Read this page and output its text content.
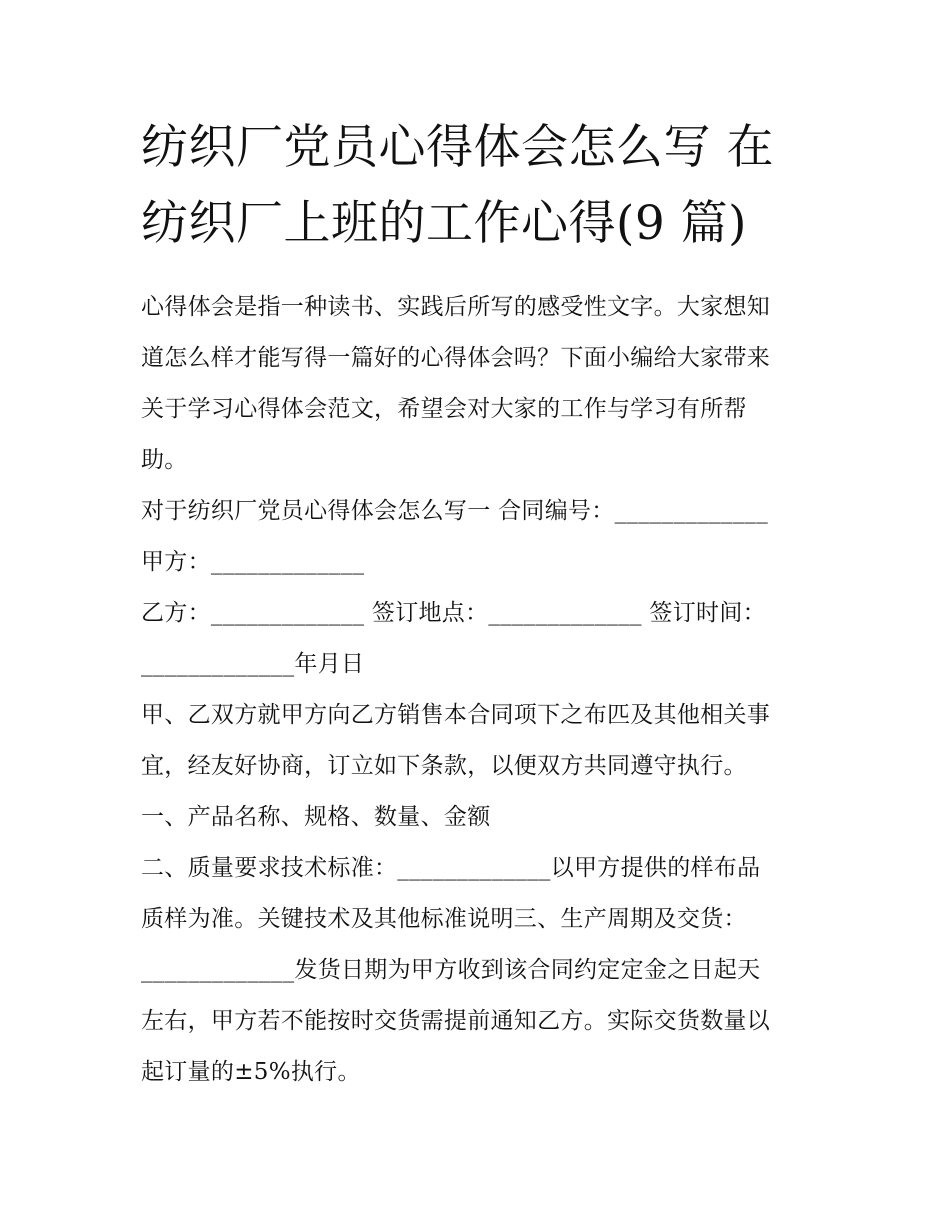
纺织厂党员心得体会怎么写 在
纺织厂上班的工作心得(9 篇)
心得体会是指一种读书、实践后所写的感受性文字。大家想知
道怎么样才能写得一篇好的心得体会吗？下面小编给大家带来
关于学习心得体会范文，希望会对大家的工作与学习有所帮
助。
对于纺织厂党员心得体会怎么写一 合同编号：_____________
甲方：_____________
乙方：_____________ 签订地点：_____________ 签订时间：
_____________年月日
甲、乙双方就甲方向乙方销售本合同项下之布匹及其他相关事
宜，经友好协商，订立如下条款，以便双方共同遵守执行。
一、产品名称、规格、数量、金额
二、质量要求技术标准：_____________以甲方提供的样布品
质样为准。关键技术及其他标准说明三、生产周期及交货：
_____________发货日期为甲方收到该合同约定定金之日起天
左右，甲方若不能按时交货需提前通知乙方。实际交货数量以
起订量的±5%执行。
